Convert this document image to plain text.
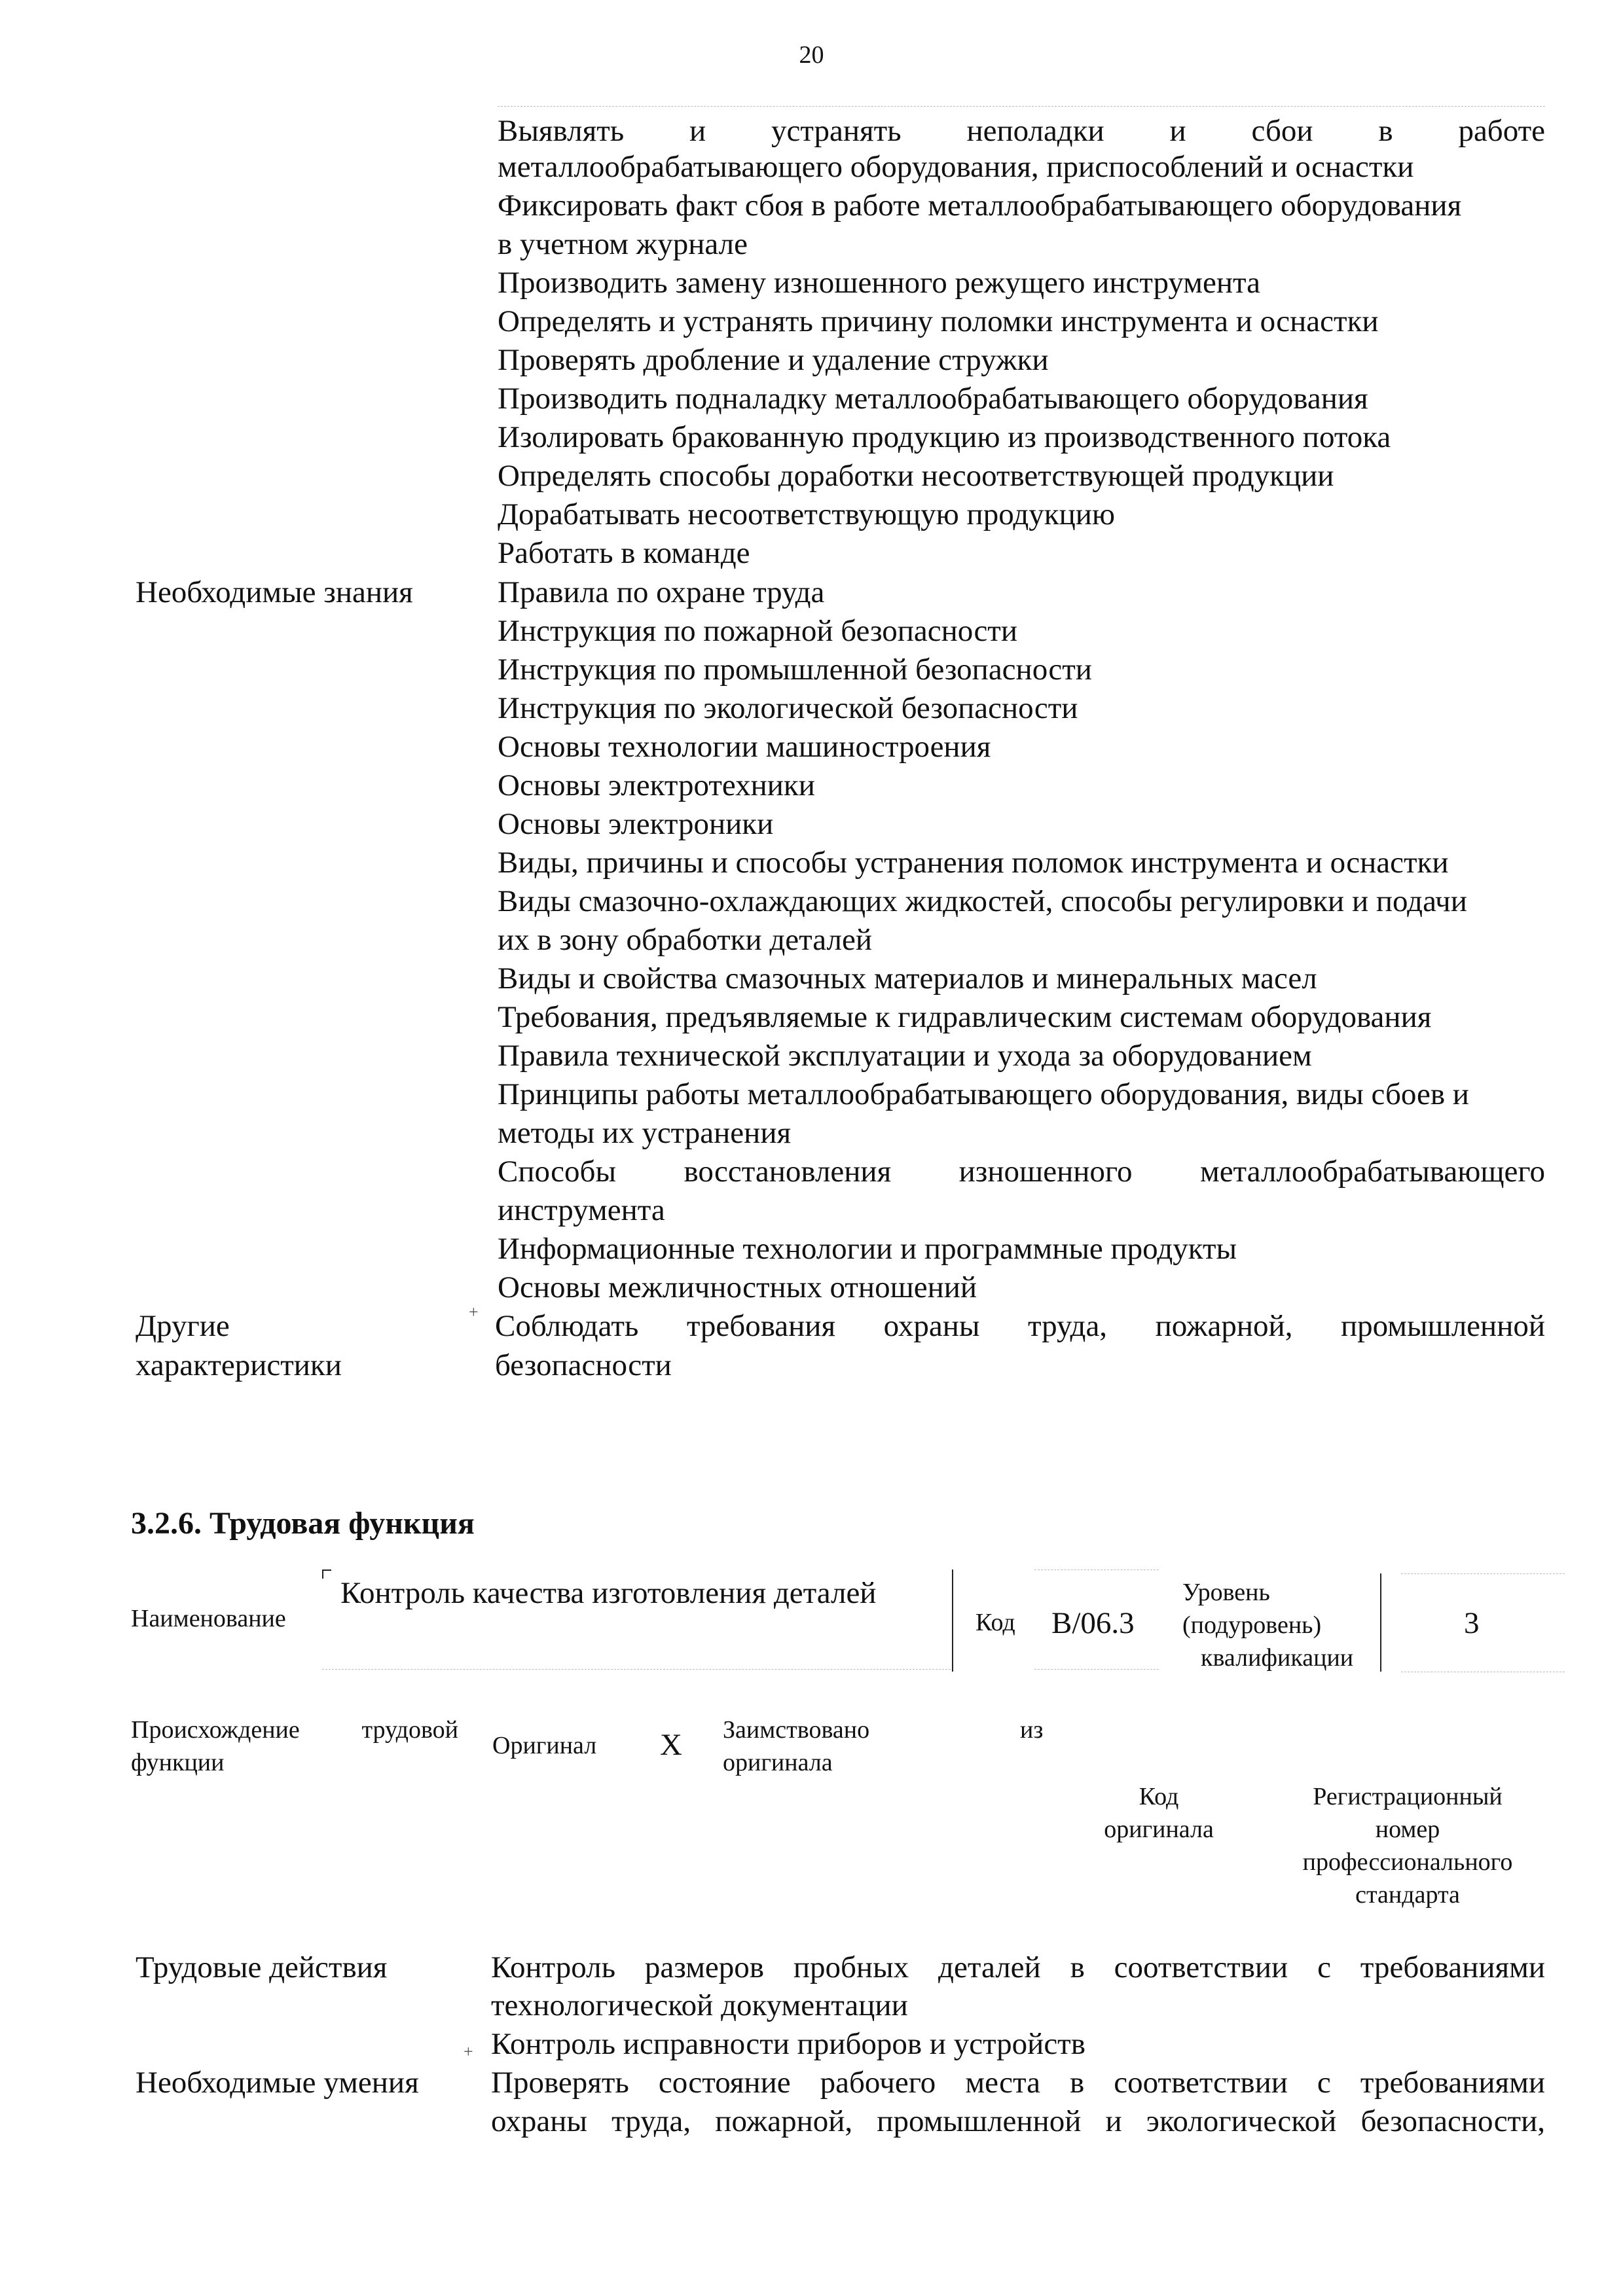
20
Выявлять и устранять неполадки и сбои в работе
металлообрабатывающего оборудования, приспособлений и оснастки
Фиксировать факт сбоя в работе металлообрабатывающего оборудования
в учетном журнале
Производить замену изношенного режущего инструмента
Определять и устранять причину поломки инструмента и оснастки
Проверять дробление и удаление стружки
Производить подналадку металлообрабатывающего оборудования
Изолировать бракованную продукцию из производственного потока
Определять способы доработки несоответствующей продукции
Дорабатывать несоответствующую продукцию
Работать в команде
Необходимые знания	Правила по охране труда
Инструкция по пожарной безопасности
Инструкция по промышленной безопасности
Инструкция по экологической безопасности
Основы технологии машиностроения
Основы электротехники
Основы электроники
Виды, причины и способы устранения поломок инструмента и оснастки
Виды смазочно-охлаждающих жидкостей, способы регулировки и подачи
их в зону обработки деталей
Виды и свойства смазочных материалов и минеральных масел
Требования, предъявляемые к гидравлическим системам оборудования
Правила технической эксплуатации и ухода за оборудованием
Принципы работы металлообрабатывающего оборудования, виды сбоев и
методы их устранения
Способы восстановления изношенного металлообрабатывающего
инструмента
Информационные технологии и программные продукты
Основы межличностных отношений
+
Другие
характеристики
Соблюдать требования охраны труда, пожарной, промышленной
безопасности
3.2.6. Трудовая функция
Наименование
Контроль качества изготовления деталей
Код B/06.3
Уровень
(подуровень)
квалификации
3
Происхождение трудовой
функции
Оригинал X Заимствовано
оригинала
из
Код
оригинала
Регистрационный
номер
профессионального
стандарта
Трудовые действия	Контроль размеров пробных деталей в соответствии с требованиями
технологической документации
Контроль исправности приборов и устройств
+
Необходимые умения Проверять состояние рабочего места в соответствии с требованиями
охраны труда, пожарной, промышленной и экологической безопасности,
